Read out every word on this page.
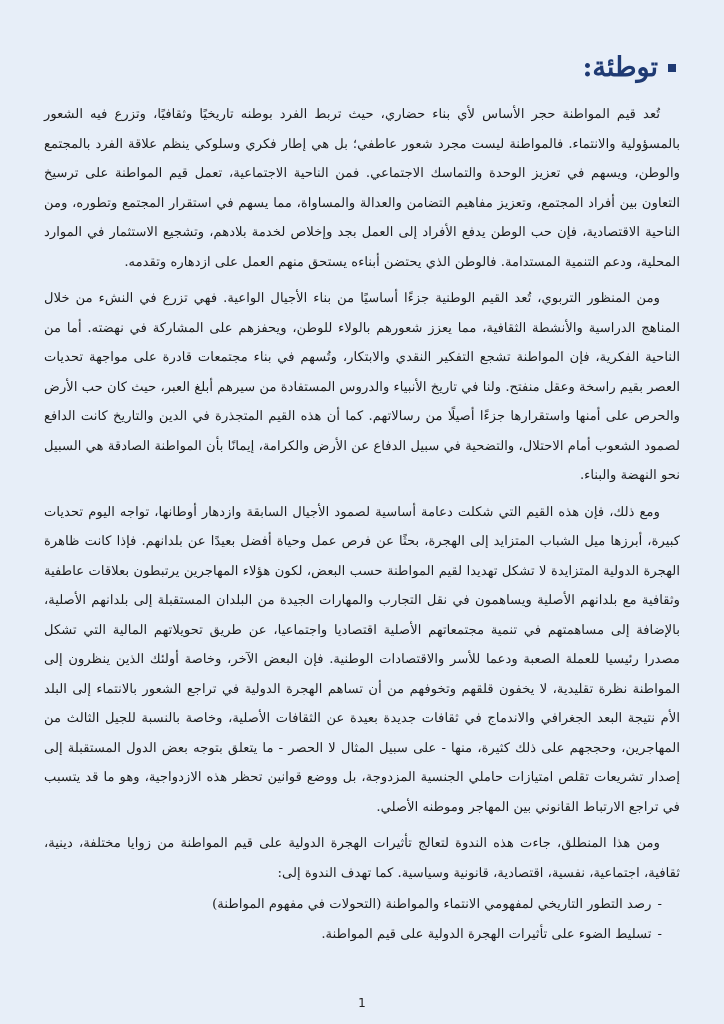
توطئة:

تُعد قيم المواطنة حجر الأساس لأي بناء حضاري، حيث تربط الفرد بوطنه تاريخيًا وثقافيًا، وتزرع فيه الشعور بالمسؤولية والانتماء. فالمواطنة ليست مجرد شعور عاطفي؛ بل هي إطار فكري وسلوكي ينظم علاقة الفرد بالمجتمع والوطن، ويسهم في تعزيز الوحدة والتماسك الاجتماعي. فمن الناحية الاجتماعية، تعمل قيم المواطنة على ترسيخ التعاون بين أفراد المجتمع، وتعزيز مفاهيم التضامن والعدالة والمساواة، مما يسهم في استقرار المجتمع وتطوره، ومن الناحية الاقتصادية، فإن حب الوطن يدفع الأفراد إلى العمل بجد وإخلاص لخدمة بلادهم، وتشجيع الاستثمار في الموارد المحلية، ودعم التنمية المستدامة. فالوطن الذي يحتضن أبناءه يستحق منهم العمل على ازدهاره وتقدمه.

ومن المنظور التربوي، تُعد القيم الوطنية جزءًا أساسيًا من بناء الأجيال الواعية. فهي تزرع في النشء من خلال المناهج الدراسية والأنشطة الثقافية، مما يعزز شعورهم بالولاء للوطن، ويحفزهم على المشاركة في نهضته. أما من الناحية الفكرية، فإن المواطنة تشجع التفكير النقدي والابتكار، وتُسهم في بناء مجتمعات قادرة على مواجهة تحديات العصر بقيم راسخة وعقل منفتح. ولنا في تاريخ الأنبياء والدروس المستفادة من سيرهم أبلغ العبر، حيث كان حب الأرض والحرص على أمنها واستقرارها جزءًا أصيلًا من رسالاتهم. كما أن هذه القيم المتجذرة في الدين والتاريخ كانت الدافع لصمود الشعوب أمام الاحتلال، والتضحية في سبيل الدفاع عن الأرض والكرامة، إيمانًا بأن المواطنة الصادقة هي السبيل نحو النهضة والبناء.

ومع ذلك، فإن هذه القيم التي شكلت دعامة أساسية لصمود الأجيال السابقة وازدهار أوطانها، تواجه اليوم تحديات كبيرة، أبرزها ميل الشباب المتزايد إلى الهجرة، بحثًا عن فرص عمل وحياة أفضل بعيدًا عن بلدانهم. فإذا كانت ظاهرة الهجرة الدولية المتزايدة لا تشكل تهديدا لقيم المواطنة حسب البعض، لكون هؤلاء المهاجرين يرتبطون بعلاقات عاطفية وثقافية مع بلدانهم الأصلية ويساهمون في نقل التجارب والمهارات الجيدة من البلدان المستقبلة إلى بلدانهم الأصلية، بالإضافة إلى مساهمتهم في تنمية مجتمعاتهم الأصلية اقتصاديا واجتماعيا، عن طريق تحويلاتهم المالية التي تشكل مصدرا رئيسيا للعملة الصعبة ودعما للأسر والاقتصادات الوطنية. فإن البعض الآخر، وخاصة أولئك الذين ينظرون إلى المواطنة نظرة تقليدية، لا يخفون قلقهم وتخوفهم من أن تساهم الهجرة الدولية في تراجع الشعور بالانتماء إلى البلد الأم نتيجة البعد الجغرافي والاندماج في ثقافات جديدة بعيدة عن الثقافات الأصلية، وخاصة بالنسبة للجيل الثالث من المهاجرين، وحججهم على ذلك كثيرة، منها - على سبيل المثال لا الحصر - ما يتعلق بتوجه بعض الدول المستقبلة إلى إصدار تشريعات تقلص امتيازات حاملي الجنسية المزدوجة، بل ووضع قوانين تحظر هذه الازدواجية، وهو ما قد يتسبب في تراجع الارتباط القانوني بين المهاجر وموطنه الأصلي.

ومن هذا المنطلق، جاءت هذه الندوة لتعالج تأثيرات الهجرة الدولية على قيم المواطنة من زوايا مختلفة، دينية، ثقافية، اجتماعية، نفسية، اقتصادية، قانونية وسياسية. كما تهدف الندوة إلى:

-
رصد التطور التاريخي لمفهومي الانتماء والمواطنة (التحولات في مفهوم المواطنة)
-
تسليط الضوء على تأثيرات الهجرة الدولية على قيم المواطنة.
1
